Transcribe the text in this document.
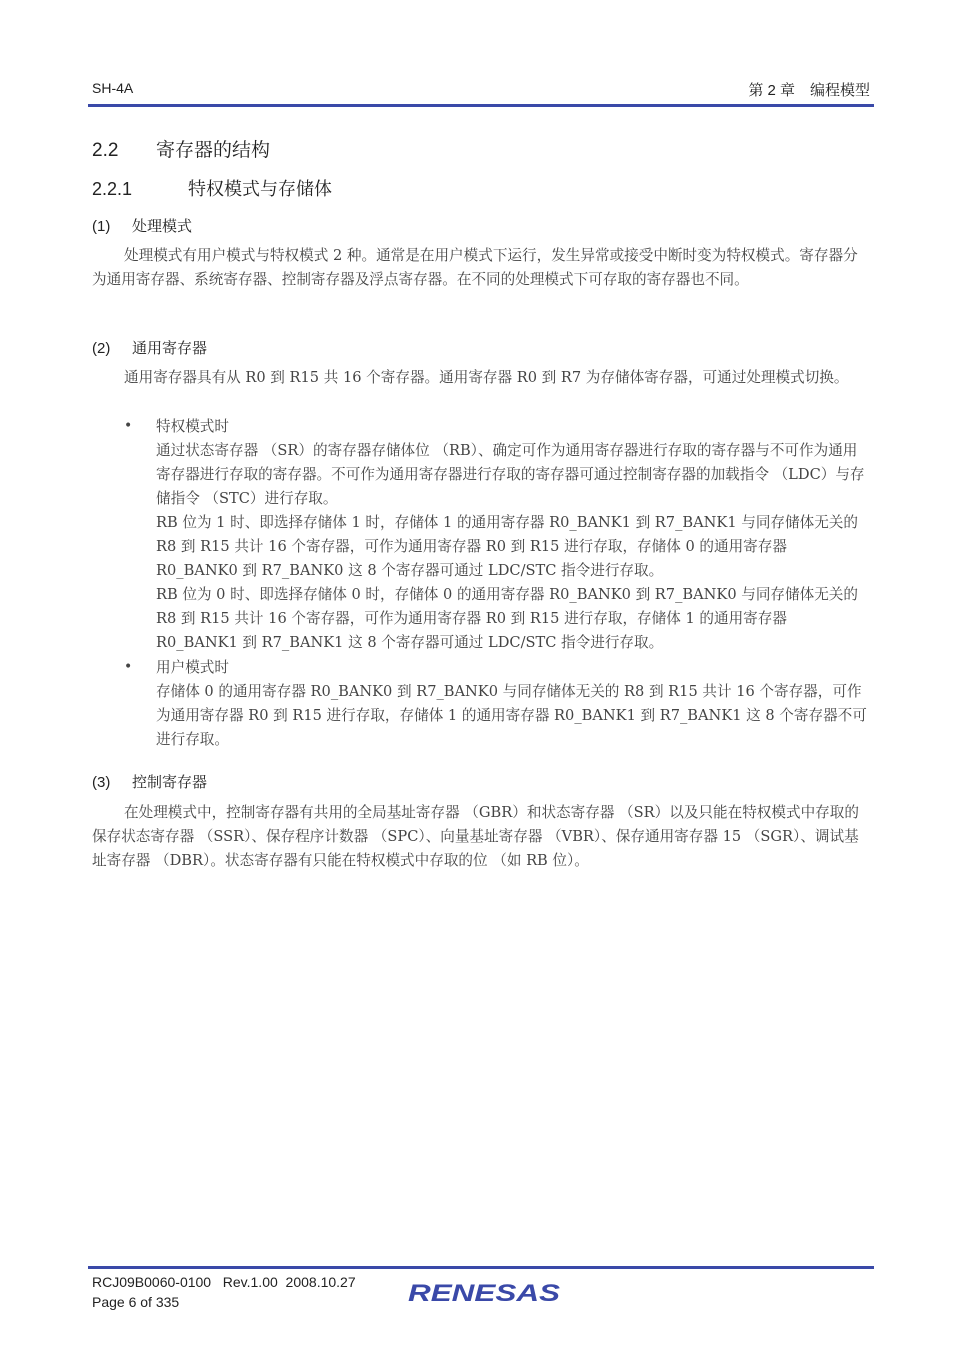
SH-4A	第 2 章　编程模型
2.2 寄存器的结构
2.2.1	特权模式与存储体
(1) 处理模式

处理模式有用户模式与特权模式 2 种。通常是在用户模式下运行，发生异常或接受中断时变为特权模式。寄存器分为通用寄存器、系统寄存器、控制寄存器及浮点寄存器。在不同的处理模式下可存取的寄存器也不同。

(2) 通用寄存器

通用寄存器具有从 R0 到 R15 共 16 个寄存器。通用寄存器 R0 到 R7 为存储体寄存器，可通过处理模式切换。

• 特权模式时

通过状态寄存器 （SR）的寄存器存储体位 （RB）、确定可作为通用寄存器进行存取的寄存器与不可作为通用寄存器进行存取的寄存器。不可作为通用寄存器进行存取的寄存器可通过控制寄存器的加载指令 （LDC）与存储指令 （STC）进行存取。

RB 位为 1 时、即选择存储体 1 时，存储体 1 的通用寄存器 R0_BANK1 到 R7_BANK1 与同存储体无关的 R8 到 R15 共计 16 个寄存器，可作为通用寄存器 R0 到 R15 进行存取，存储体 0 的通用寄存器 R0_BANK0 到 R7_BANK0 这 8 个寄存器可通过 LDC/STC 指令进行存取。

RB 位为 0 时、即选择存储体 0 时，存储体 0 的通用寄存器 R0_BANK0 到 R7_BANK0 与同存储体无关的 R8 到 R15 共计 16 个寄存器，可作为通用寄存器 R0 到 R15 进行存取，存储体 1 的通用寄存器 R0_BANK1 到 R7_BANK1 这 8 个寄存器可通过 LDC/STC 指令进行存取。

• 用户模式时

存储体 0 的通用寄存器 R0_BANK0 到 R7_BANK0 与同存储体无关的 R8 到 R15 共计 16 个寄存器，可作为通用寄存器 R0 到 R15 进行存取，存储体 1 的通用寄存器 R0_BANK1 到 R7_BANK1 这 8 个寄存器不可进行存取。

(3) 控制寄存器

在处理模式中，控制寄存器有共用的全局基址寄存器 （GBR）和状态寄存器 （SR）以及只能在特权模式中存取的保存状态寄存器 （SSR）、保存程序计数器 （SPC）、向量基址寄存器 （VBR）、保存通用寄存器 15 （SGR）、调试基址寄存器 （DBR）。状态寄存器有只能在特权模式中存取的位 （如 RB 位）。

RCJ09B0060-0100 Rev.1.00 2008.10.27
Page 6 of 335	RENESAS
